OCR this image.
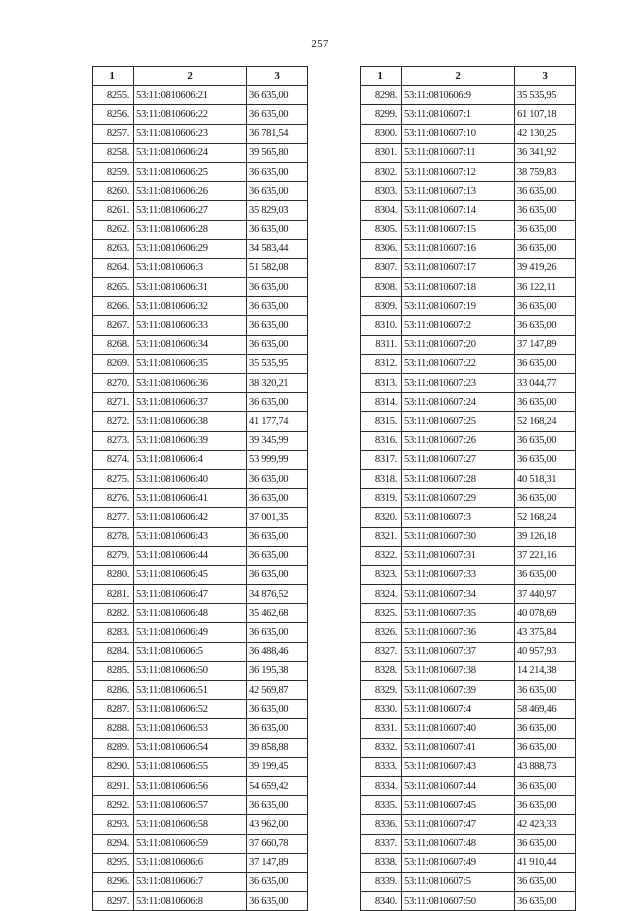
257
1	2	3
8255.	53:11:0810606:21	36 635,00
8256.	53:11:0810606:22	36 635,00
8257.	53:11:0810606:23	36 781,54
8258.	53:11:0810606:24	39 565,80
8259.	53:11:0810606:25	36 635,00
8260.	53:11:0810606:26	36 635,00
8261.	53:11:0810606:27	35 829,03
8262.	53:11:0810606:28	36 635,00
8263.	53:11:0810606:29	34 583,44
8264.	53:11:0810606:3	51 582,08
8265.	53:11:0810606:31	36 635,00
8266.	53:11:0810606:32	36 635,00
8267.	53:11:0810606:33	36 635,00
8268.	53:11:0810606:34	36 635,00
8269.	53:11:0810606:35	35 535,95
8270.	53:11:0810606:36	38 320,21
8271.	53:11:0810606:37	36 635,00
8272.	53:11:0810606:38	41 177,74
8273.	53:11:0810606:39	39 345,99
8274.	53:11:0810606:4	53 999,99
8275.	53:11:0810606:40	36 635,00
8276.	53:11:0810606:41	36 635,00
8277.	53:11:0810606:42	37 001,35
8278.	53:11:0810606:43	36 635,00
8279.	53:11:0810606:44	36 635,00
8280.	53:11:0810606:45	36 635,00
8281.	53:11:0810606:47	34 876,52
8282.	53:11:0810606:48	35 462,68
8283.	53:11:0810606:49	36 635,00
8284.	53:11:0810606:5	36 488,46
8285.	53:11:0810606:50	36 195,38
8286.	53:11:0810606:51	42 569,87
8287.	53:11:0810606:52	36 635,00
8288.	53:11:0810606:53	36 635,00
8289.	53:11:0810606:54	39 858,88
8290.	53:11:0810606:55	39 199,45
8291.	53:11:0810606:56	54 659,42
8292.	53:11:0810606:57	36 635,00
8293.	53:11:0810606:58	43 962,00
8294.	53:11:0810606:59	37 660,78
8295.	53:11:0810606:6	37 147,89
8296.	53:11:0810606:7	36 635,00
8297.	53:11:0810606:8	36 635,00
1	2	3
8298.	53:11:0810606:9	35 535,95
8299.	53:11:0810607:1	61 107,18
8300.	53:11:0810607:10	42 130,25
8301.	53:11:0810607:11	36 341,92
8302.	53:11:0810607:12	38 759,83
8303.	53:11:0810607:13	36 635,00
8304.	53:11:0810607:14	36 635,00
8305.	53:11:0810607:15	36 635,00
8306.	53:11:0810607:16	36 635,00
8307.	53:11:0810607:17	39 419,26
8308.	53:11:0810607:18	36 122,11
8309.	53:11:0810607:19	36 635,00
8310.	53:11:0810607:2	36 635,00
8311.	53:11:0810607:20	37 147,89
8312.	53:11:0810607:22	36 635,00
8313.	53:11:0810607:23	33 044,77
8314.	53:11:0810607:24	36 635,00
8315.	53:11:0810607:25	52 168,24
8316.	53:11:0810607:26	36 635,00
8317.	53:11:0810607:27	36 635,00
8318.	53:11:0810607:28	40 518,31
8319.	53:11:0810607:29	36 635,00
8320.	53:11:0810607:3	52 168,24
8321.	53:11:0810607:30	39 126,18
8322.	53:11:0810607:31	37 221,16
8323.	53:11:0810607:33	36 635,00
8324.	53:11:0810607:34	37 440,97
8325.	53:11:0810607:35	40 078,69
8326.	53:11:0810607:36	43 375,84
8327.	53:11:0810607:37	40 957,93
8328.	53:11:0810607:38	14 214,38
8329.	53:11:0810607:39	36 635,00
8330.	53:11:0810607:4	58 469,46
8331.	53:11:0810607:40	36 635,00
8332.	53:11:0810607:41	36 635,00
8333.	53:11:0810607:43	43 888,73
8334.	53:11:0810607:44	36 635,00
8335.	53:11:0810607:45	36 635,00
8336.	53:11:0810607:47	42 423,33
8337.	53:11:0810607:48	36 635,00
8338.	53:11:0810607:49	41 910,44
8339.	53:11:0810607:5	36 635,00
8340.	53:11:0810607:50	36 635,00
